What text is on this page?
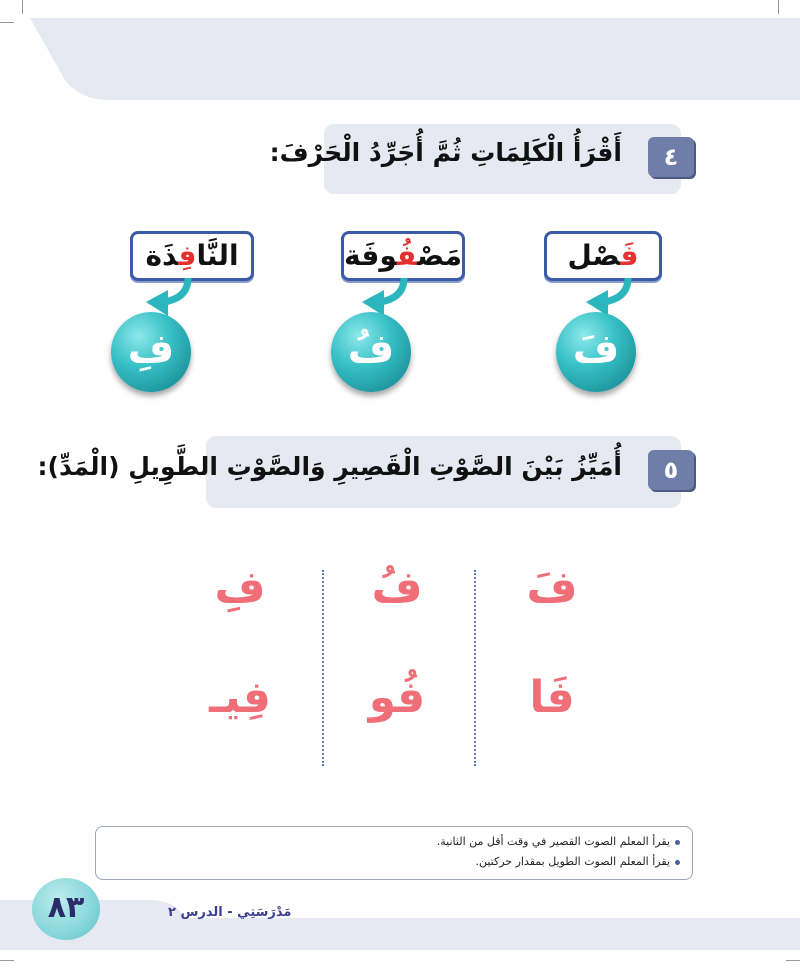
٤
أَقْرَأُ الْكَلِمَاتِ ثُمَّ أُجَرِّدُ الْحَرْفَ:
فَصْل
مَصْفُوفَة
النَّافِذَة
فَ
فُ
فِ
٥
أُمَيِّزُ بَيْنَ الصَّوْتِ الْقَصِيرِ وَالصَّوْتِ الطَّوِيلِ (الْمَدِّ):
فَ
فُ
فِ
فَا
فُو
فِيـ
يقرأ المعلم الصوت القصير في وقت أقل من الثانية.
يقرأ المعلم الصوت الطويل بمقدار حركتين.
٨٣	مَدْرَسَتِي - الدرس ٢
